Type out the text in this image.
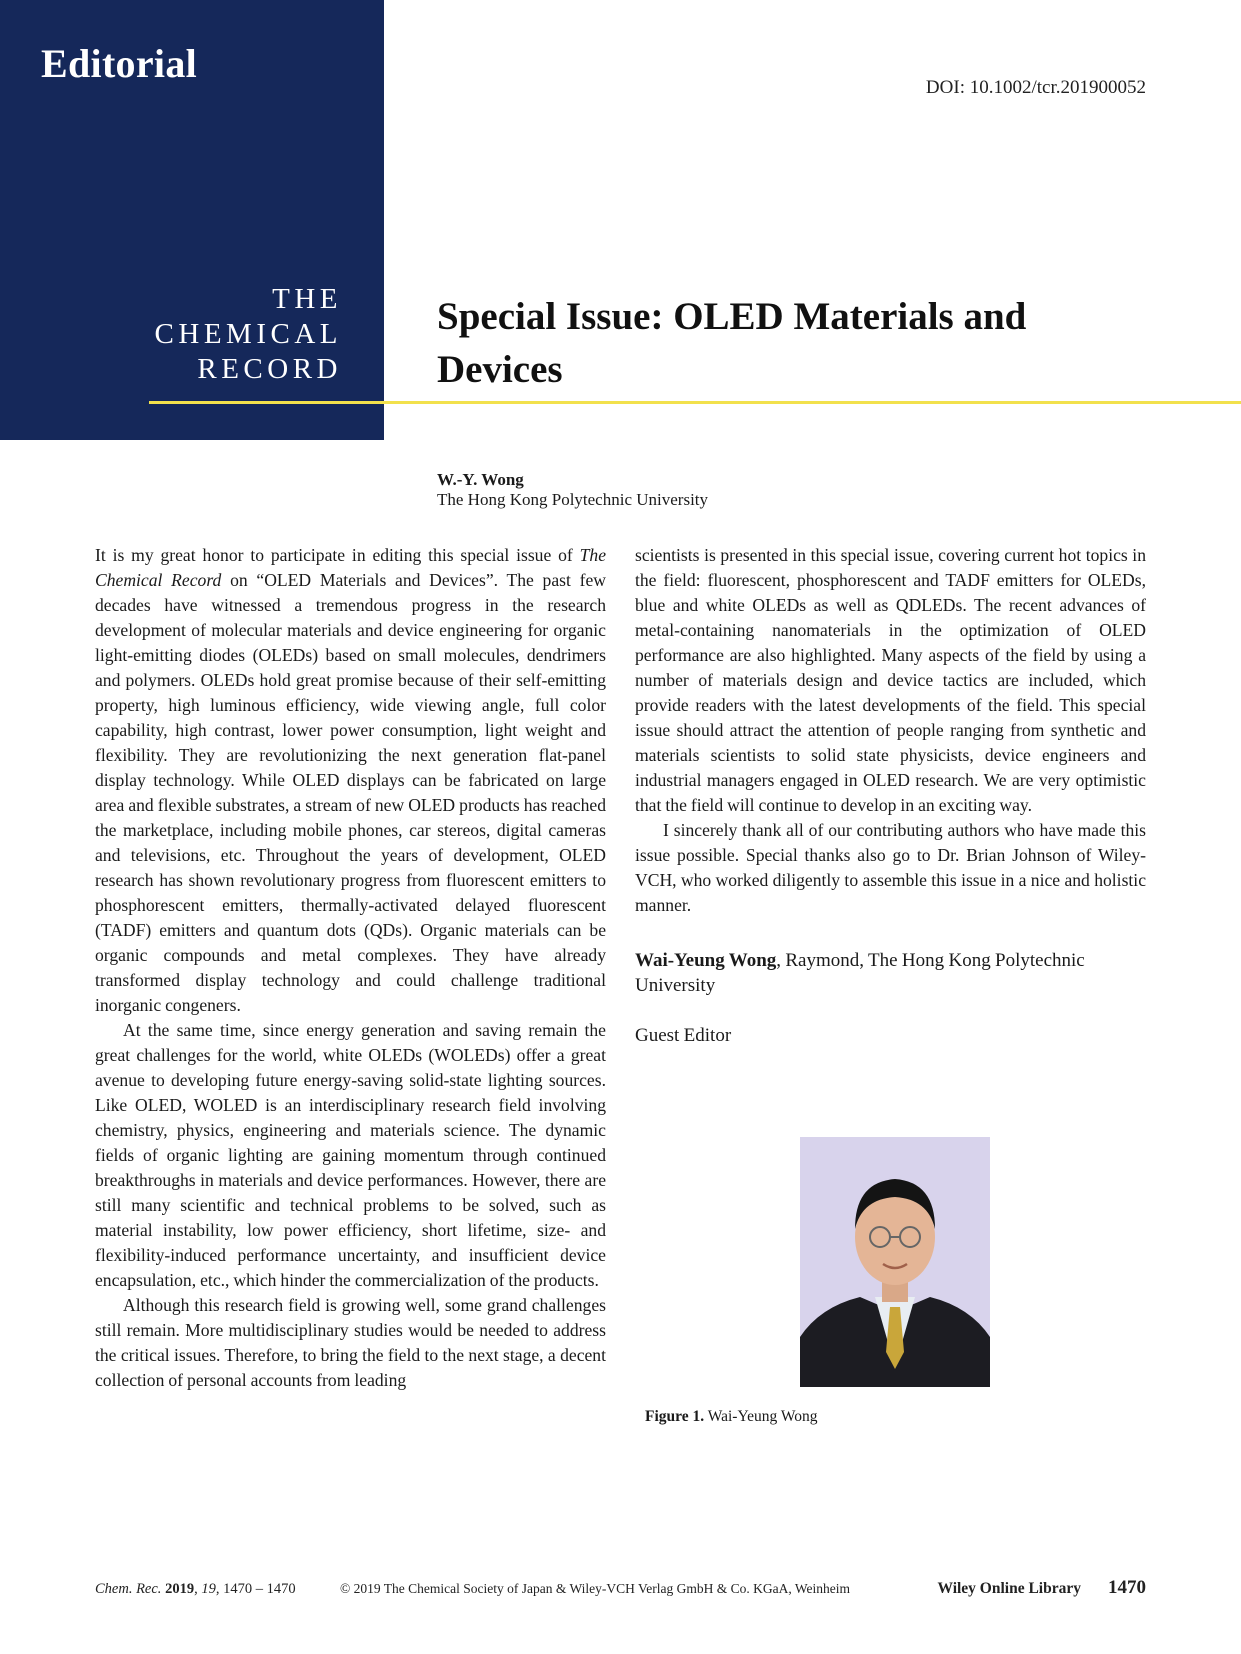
Editorial
THE
CHEMICAL
RECORD

DOI: 10.1002/tcr.201900052

Special Issue: OLED Materials and Devices
W.-Y. Wong
The Hong Kong Polytechnic University

It is my great honor to participate in editing this special issue of The Chemical Record on “OLED Materials and Devices”. The past few decades have witnessed a tremendous progress in the research development of molecular materials and device engineering for organic light-emitting diodes (OLEDs) based on small molecules, dendrimers and polymers. OLEDs hold great promise because of their self-emitting property, high luminous efficiency, wide viewing angle, full color capability, high contrast, lower power consumption, light weight and flexibility. They are revolutionizing the next generation flat-panel display technology. While OLED displays can be fabricated on large area and flexible substrates, a stream of new OLED products has reached the marketplace, including mobile phones, car stereos, digital cameras and televisions, etc. Throughout the years of development, OLED research has shown revolutionary progress from fluorescent emitters to phosphorescent emitters, thermally-activated delayed fluorescent (TADF) emitters and quantum dots (QDs). Organic materials can be organic compounds and metal complexes. They have already transformed display technology and could challenge traditional inorganic congeners.

At the same time, since energy generation and saving remain the great challenges for the world, white OLEDs (WOLEDs) offer a great avenue to developing future energy-saving solid-state lighting sources. Like OLED, WOLED is an interdisciplinary research field involving chemistry, physics, engineering and materials science. The dynamic fields of organic lighting are gaining momentum through continued breakthroughs in materials and device performances. However, there are still many scientific and technical problems to be solved, such as material instability, low power efficiency, short lifetime, size- and flexibility-induced performance uncertainty, and insufficient device encapsulation, etc., which hinder the commercialization of the products.

Although this research field is growing well, some grand challenges still remain. More multidisciplinary studies would be needed to address the critical issues. Therefore, to bring the field to the next stage, a decent collection of personal accounts from leading

scientists is presented in this special issue, covering current hot topics in the field: fluorescent, phosphorescent and TADF emitters for OLEDs, blue and white OLEDs as well as QDLEDs. The recent advances of metal-containing nanomaterials in the optimization of OLED performance are also highlighted. Many aspects of the field by using a number of materials design and device tactics are included, which provide readers with the latest developments of the field. This special issue should attract the attention of people ranging from synthetic and materials scientists to solid state physicists, device engineers and industrial managers engaged in OLED research. We are very optimistic that the field will continue to develop in an exciting way.

I sincerely thank all of our contributing authors who have made this issue possible. Special thanks also go to Dr. Brian Johnson of Wiley-VCH, who worked diligently to assemble this issue in a nice and holistic manner.

Wai-Yeung Wong, Raymond, The Hong Kong Polytechnic University

Guest Editor

Figure 1. Wai-Yeung Wong
Chem. Rec. 2019, 19, 1470 – 1470	© 2019 The Chemical Society of Japan & Wiley-VCH Verlag GmbH & Co. KGaA, Weinheim	Wiley Online Library 1470
